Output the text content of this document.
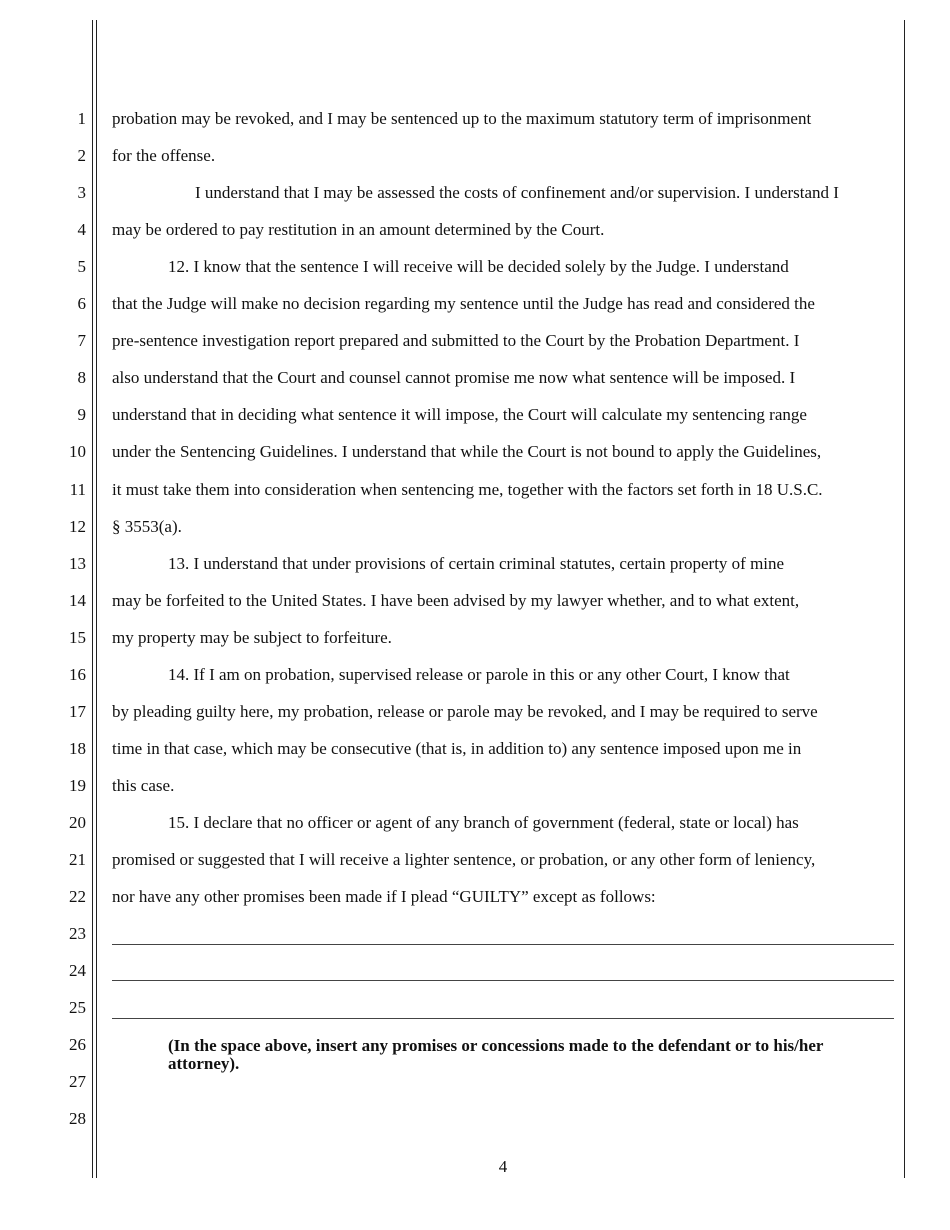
1
2
3
4
5
6
7
8
9
10
11
12
13
14
15
16
17
18
19
20
21
22
23
24
25
26
27
28
probation may be revoked, and I may be sentenced up to the maximum statutory term of imprisonment
for the offense.
I understand that I may be assessed the costs of confinement and/or supervision. I understand I
may be ordered to pay restitution in an amount determined by the Court.
12. I know that the sentence I will receive will be decided solely by the Judge. I understand
that the Judge will make no decision regarding my sentence until the Judge has read and considered the
pre-sentence investigation report prepared and submitted to the Court by the Probation Department. I
also understand that the Court and counsel cannot promise me now what sentence will be imposed. I
understand that in deciding what sentence it will impose, the Court will calculate my sentencing range
under the Sentencing Guidelines. I understand that while the Court is not bound to apply the Guidelines,
it must take them into consideration when sentencing me, together with the factors set forth in 18 U.S.C.
§ 3553(a).
13. I understand that under provisions of certain criminal statutes, certain property of mine
may be forfeited to the United States. I have been advised by my lawyer whether, and to what extent,
my property may be subject to forfeiture.
14. If I am on probation, supervised release or parole in this or any other Court, I know that
by pleading guilty here, my probation, release or parole may be revoked, and I may be required to serve
time in that case, which may be consecutive (that is, in addition to) any sentence imposed upon me in
this case.
15. I declare that no officer or agent of any branch of government (federal, state or local) has
promised or suggested that I will receive a lighter sentence, or probation, or any other form of leniency,
nor have any other promises been made if I plead “GUILTY” except as follows:
(In the space above, insert any promises or concessions made to the defendant or to his/her attorney).
4
